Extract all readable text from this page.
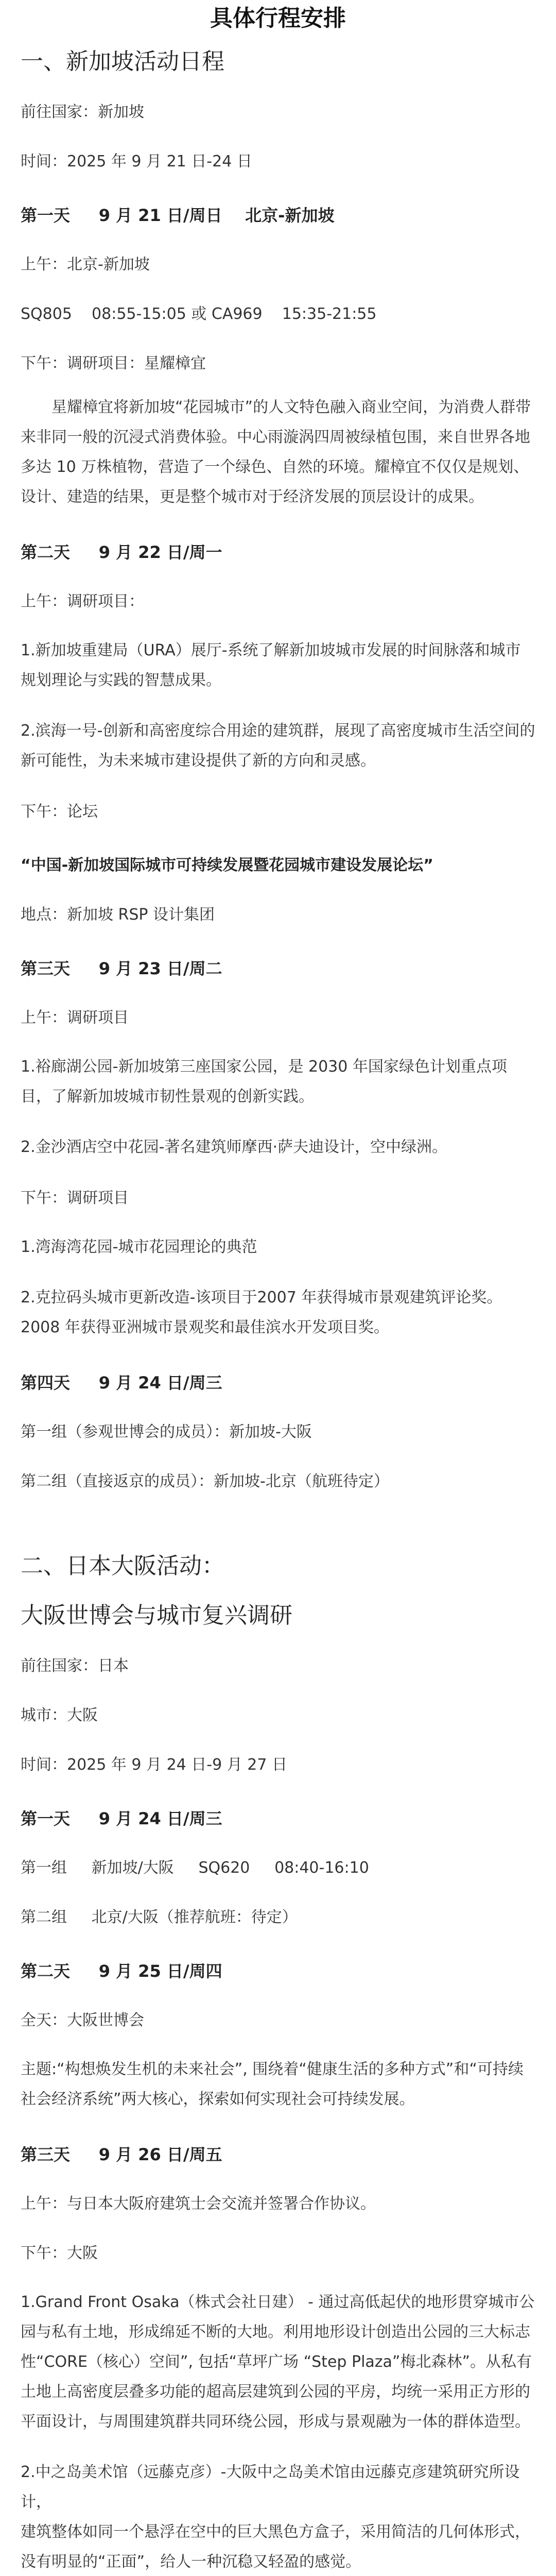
具体行程安排
一、新加坡活动日程
前往国家：新加坡
时间：2025 年 9 月 21 日-24 日
第一天     9 月 21 日/周日    北京-新加坡
上午：北京-新加坡
SQ805    08:55-15:05 或 CA969    15:35-21:55
下午：调研项目：星耀樟宜
星耀樟宜将新加坡“花园城市”的人文特色融入商业空间，为消费人群带来非同一般的沉浸式消费体验。中心雨漩涡四周被绿植包围，来自世界各地多达 10 万株植物，营造了一个绿色、自然的环境。耀樟宜不仅仅是规划、设计、建造的结果，更是整个城市对于经济发展的顶层设计的成果。
第二天     9 月 22 日/周一
上午：调研项目：
1.新加坡重建局（URA）展厅-系统了解新加坡城市发展的时间脉落和城市规划理论与实践的智慧成果。
2.滨海一号-创新和高密度综合用途的建筑群，展现了高密度城市生活空间的新可能性，为未来城市建设提供了新的方向和灵感。
下午：论坛
“中国-新加坡国际城市可持续发展暨花园城市建设发展论坛”
地点：新加坡 RSP 设计集团
第三天     9 月 23 日/周二
上午：调研项目
1.裕廊湖公园-新加坡第三座国家公园，是 2030 年国家绿色计划重点项目，了解新加坡城市韧性景观的创新实践。
2.金沙酒店空中花园-著名建筑师摩西·萨夫迪设计，空中绿洲。
下午：调研项目
1.湾海湾花园-城市花园理论的典范
2.克拉码头城市更新改造-该项目于2007 年获得城市景观建筑评论奖。2008 年获得亚洲城市景观奖和最佳滨水开发项目奖。
第四天     9 月 24 日/周三
第一组（参观世博会的成员）：新加坡-大阪
第二组（直接返京的成员）：新加坡-北京（航班待定）
二、日本大阪活动：
大阪世博会与城市复兴调研
前往国家：日本
城市：大阪
时间：2025 年 9 月 24 日-9 月 27 日
第一天     9 月 24 日/周三
第一组     新加坡/大阪     SQ620     08:40-16:10
第二组     北京/大阪（推荐航班：待定）
第二天     9 月 25 日/周四
全天：大阪世博会
主题:“构想焕发生机的未来社会”, 围绕着“健康生活的多种方式”和“可持续社会经济系统”两大核心，探索如何实现社会可持续发展。
第三天     9 月 26 日/周五
上午：与日本大阪府建筑士会交流并签署合作协议。
下午：大阪
1.Grand Front Osaka（株式会社日建） - 通过高低起伏的地形贯穿城市公园与私有土地，形成绵延不断的大地。利用地形设计创造出公园的三大标志性“CORE（核心）空间”, 包括“草坪广场 “Step Plaza”梅北森林”。从私有土地上高密度层叠多功能的超高层建筑到公园的平房，均统一采用正方形的平面设计，与周围建筑群共同环绕公园，形成与景观融为一体的群体造型。
2.中之岛美术馆（远藤克彦）-大阪中之岛美术馆由远藤克彦建筑研究所设计，
建筑整体如同一个悬浮在空中的巨大黑色方盒子，采用简洁的几何体形式，没有明显的“正面”，给人一种沉稳又轻盈的感觉。
